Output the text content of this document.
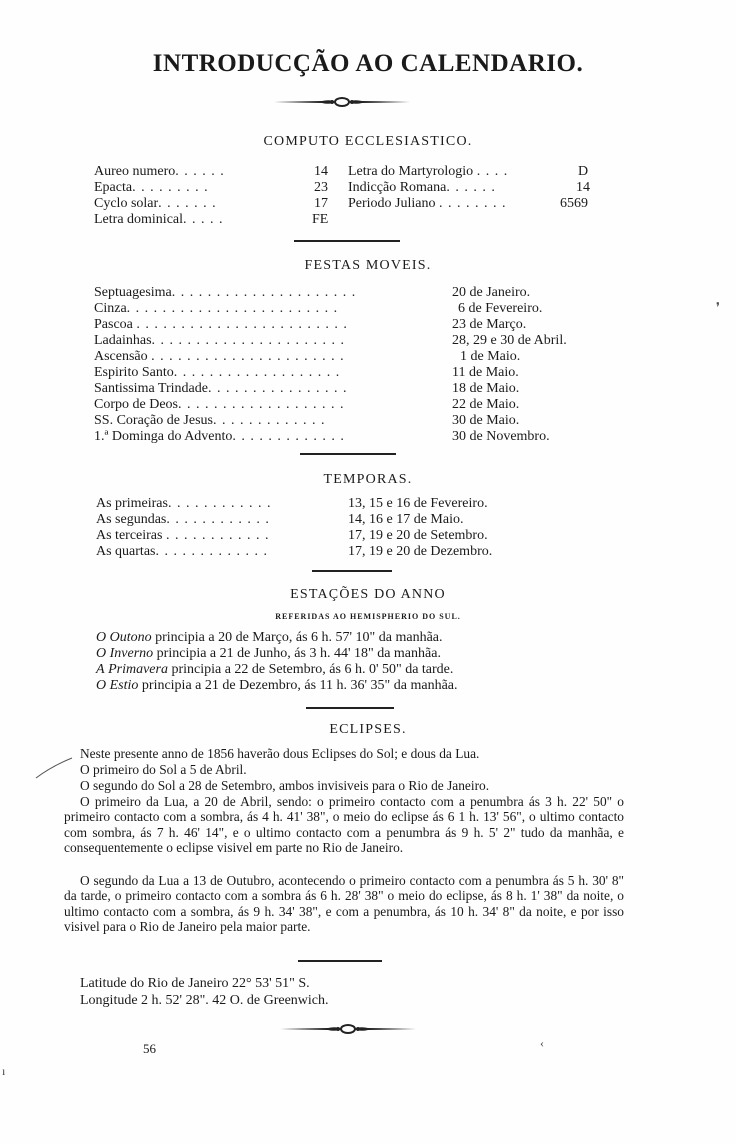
INTRODUCÇÃO AO CALENDARIO.
COMPUTO ECCLESIASTICO.
Aureo numero. . . . . .	14
Epacta. . . . . . . . .	23
Cyclo solar. . . . . . .	17
Letra dominical. . . . .	FE
Letra do Martyrologio . . . .	D
Indicção Romana. . . . . .	14
Periodo Juliano . . . . . . . .	6569
FESTAS MOVEIS.
Septuagesima. . . . . . . . . . . . . . . . . . . . .	20 de Janeiro.
Cinza. . . . . . . . . . . . . . . . . . . . . . . .	6 de Fevereiro.
Pascoa . . . . . . . . . . . . . . . . . . . . . . . .	23 de Março.
Ladainhas. . . . . . . . . . . . . . . . . . . . . .	28, 29 e 30 de Abril.
Ascensão . . . . . . . . . . . . . . . . . . . . . .	1 de Maio.
Espirito Santo. . . . . . . . . . . . . . . . . . .	11 de Maio.
Santissima Trindade. . . . . . . . . . . . . . . .	18 de Maio.
Corpo de Deos. . . . . . . . . . . . . . . . . . .	22 de Maio.
SS. Coração de Jesus. . . . . . . . . . . . .	30 de Maio.
1.ª Dominga do Advento. . . . . . . . . . . . .	30 de Novembro.
TEMPORAS.
As primeiras. . . . . . . . . . . .	13, 15 e 16 de Fevereiro.
As segundas. . . . . . . . . . . .	14, 16 e 17 de Maio.
As terceiras . . . . . . . . . . . .	17, 19 e 20 de Setembro.
As quartas. . . . . . . . . . . . .	17, 19 e 20 de Dezembro.
ESTAÇÕES DO ANNO
REFERIDAS AO HEMISPHERIO DO SUL.
O Outono principia a 20 de Março, ás 6 h. 57' 10" da manhãa.
O Inverno principia a 21 de Junho, ás 3 h. 44' 18" da manhãa.
A Primavera principia a 22 de Setembro, ás 6 h. 0' 50" da tarde.
O Estio principia a 21 de Dezembro, ás 11 h. 36' 35" da manhãa.
ECLIPSES.
Neste presente anno de 1856 haverão dous Eclipses do Sol; e dous da Lua.
O primeiro do Sol a 5 de Abril.
O segundo do Sol a 28 de Setembro, ambos invisiveis para o Rio de Janeiro.
O primeiro da Lua, a 20 de Abril, sendo: o primeiro contacto com a penumbra ás 3 h. 22' 50" o primeiro contacto com a sombra, ás 4 h. 41' 38", o meio do eclipse ás 6 1 h. 13' 56", o ultimo contacto com sombra, ás 7 h. 46' 14", e o ultimo contacto com a penumbra ás 9 h. 5' 2" tudo da manhãa, e consequentemente o eclipse visivel em parte no Rio de Janeiro.
O segundo da Lua a 13 de Outubro, acontecendo o primeiro contacto com a penumbra ás 5 h. 30' 8" da tarde, o primeiro contacto com a sombra ás 6 h. 28' 38" o meio do eclipse, ás 8 h. 1' 38" da noite, o ultimo contacto com a sombra, ás 9 h. 34' 38", e com a penumbra, ás 10 h. 34' 8" da noite, e por isso visivel para o Rio de Janeiro pela maior parte.
Latitude do Rio de Janeiro 22° 53' 51" S.
Longitude 2 h. 52' 28". 42 O. de Greenwich.
56
❜
‹
ı
